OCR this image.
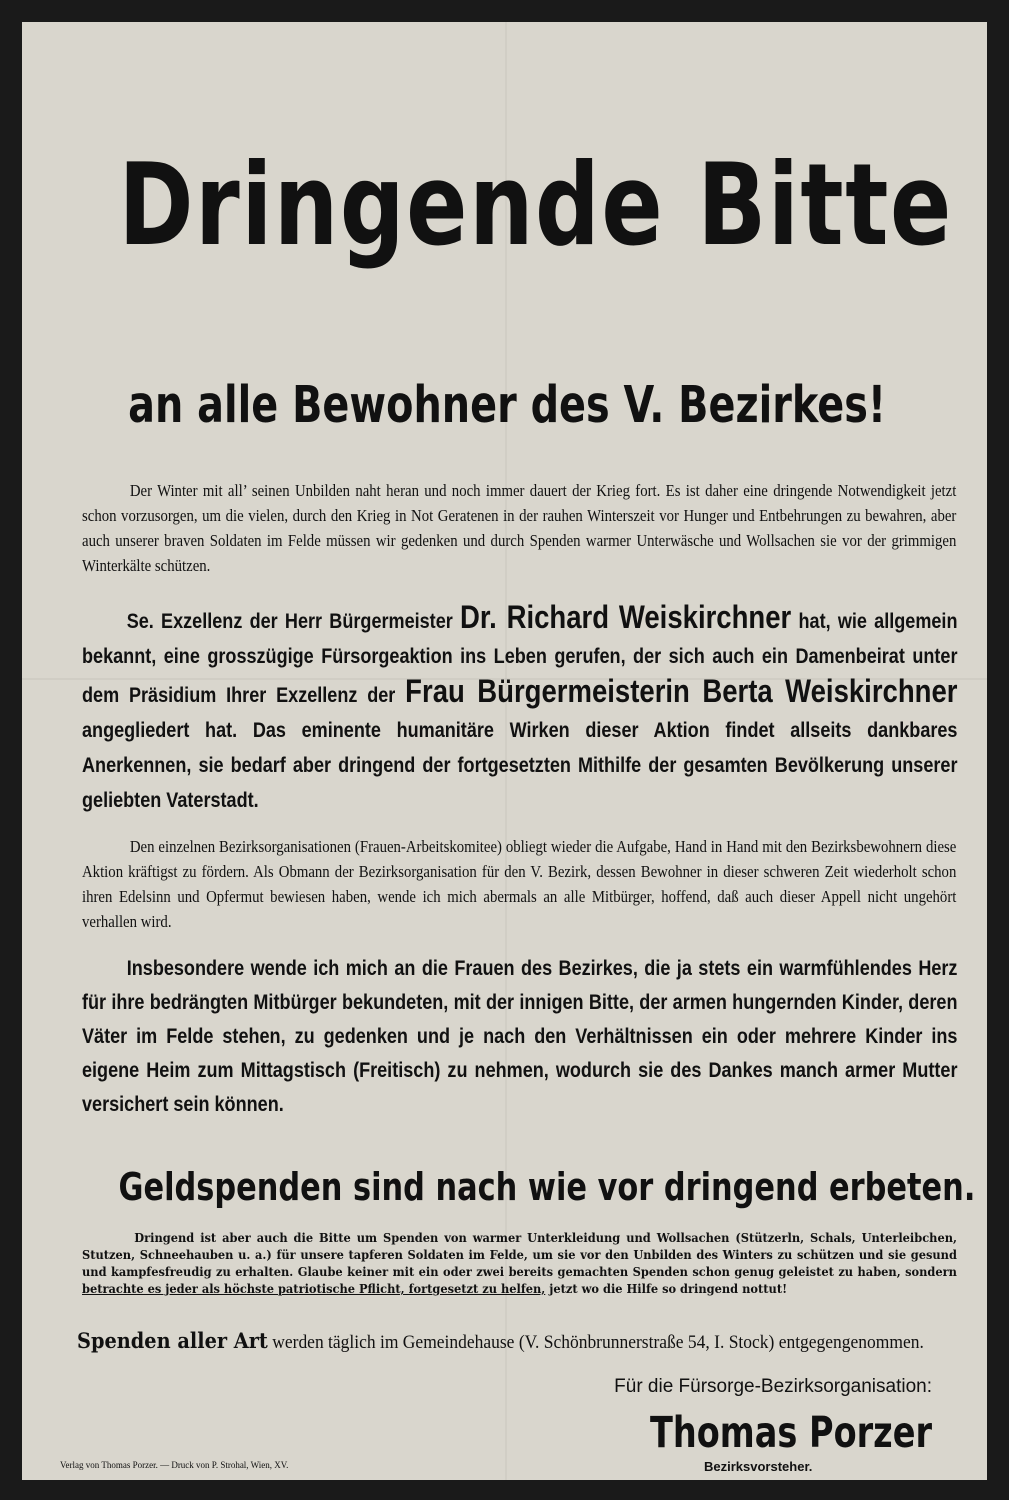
Dringende Bitte
an alle Bewohner des V. Bezirkes!

Der Winter mit all’ seinen Unbilden naht heran und noch immer dauert der Krieg fort. Es ist daher eine dringende Notwendigkeit jetzt schon vorzusorgen, um die vielen, durch den Krieg in Not Geratenen in der rauhen Winterszeit vor Hunger und Entbehrungen zu bewahren, aber auch unserer braven Soldaten im Felde müssen wir gedenken und durch Spenden warmer Unterwäsche und Wollsachen sie vor der grimmigen Winterkälte schützen.

Se. Exzellenz der Herr Bürgermeister Dr. Richard Weiskirchner hat, wie allgemein bekannt, eine grosszügige Fürsorgeaktion ins Leben gerufen, der sich auch ein Damenbeirat unter dem Präsidium Ihrer Exzellenz der Frau Bürgermeisterin Berta Weiskirchner angegliedert hat. Das eminente humanitäre Wirken dieser Aktion findet allseits dankbares Anerkennen, sie bedarf aber dringend der fortgesetzten Mithilfe der gesamten Bevölkerung unserer geliebten Vaterstadt.

Den einzelnen Bezirksorganisationen (Frauen-Arbeitskomitee) obliegt wieder die Aufgabe, Hand in Hand mit den Bezirksbewohnern diese Aktion kräftigst zu fördern. Als Obmann der Bezirksorganisation für den V. Bezirk, dessen Bewohner in dieser schweren Zeit wiederholt schon ihren Edelsinn und Opfermut bewiesen haben, wende ich mich abermals an alle Mitbürger, hoffend, daß auch dieser Appell nicht ungehört verhallen wird.

Insbesondere wende ich mich an die Frauen des Bezirkes, die ja stets ein warmfühlendes Herz für ihre bedrängten Mitbürger bekundeten, mit der innigen Bitte, der armen hungernden Kinder, deren Väter im Felde stehen, zu gedenken und je nach den Verhältnissen ein oder mehrere Kinder ins eigene Heim zum Mittagstisch (Freitisch) zu nehmen, wodurch sie des Dankes manch armer Mutter versichert sein können.

Geldspenden sind nach wie vor dringend erbeten.

Dringend ist aber auch die Bitte um Spenden von warmer Unterkleidung und Wollsachen (Stützerln, Schals, Unterleibchen, Stutzen, Schneehauben u. a.) für unsere tapferen Soldaten im Felde, um sie vor den Unbilden des Winters zu schützen und sie gesund und kampfesfreudig zu erhalten. Glaube keiner mit ein oder zwei bereits gemachten Spenden schon genug geleistet zu haben, sondern betrachte es jeder als höchste patriotische Pflicht, fortgesetzt zu helfen, jetzt wo die Hilfe so dringend nottut!

Spenden aller Art werden täglich im Gemeindehause (V. Schönbrunnerstraße 54, I. Stock) entgegengenommen.

Für die Fürsorge-Bezirksorganisation:

Thomas Porzer

Bezirksvorsteher.

Verlag von Thomas Porzer. — Druck von P. Strohal, Wien, XV.
